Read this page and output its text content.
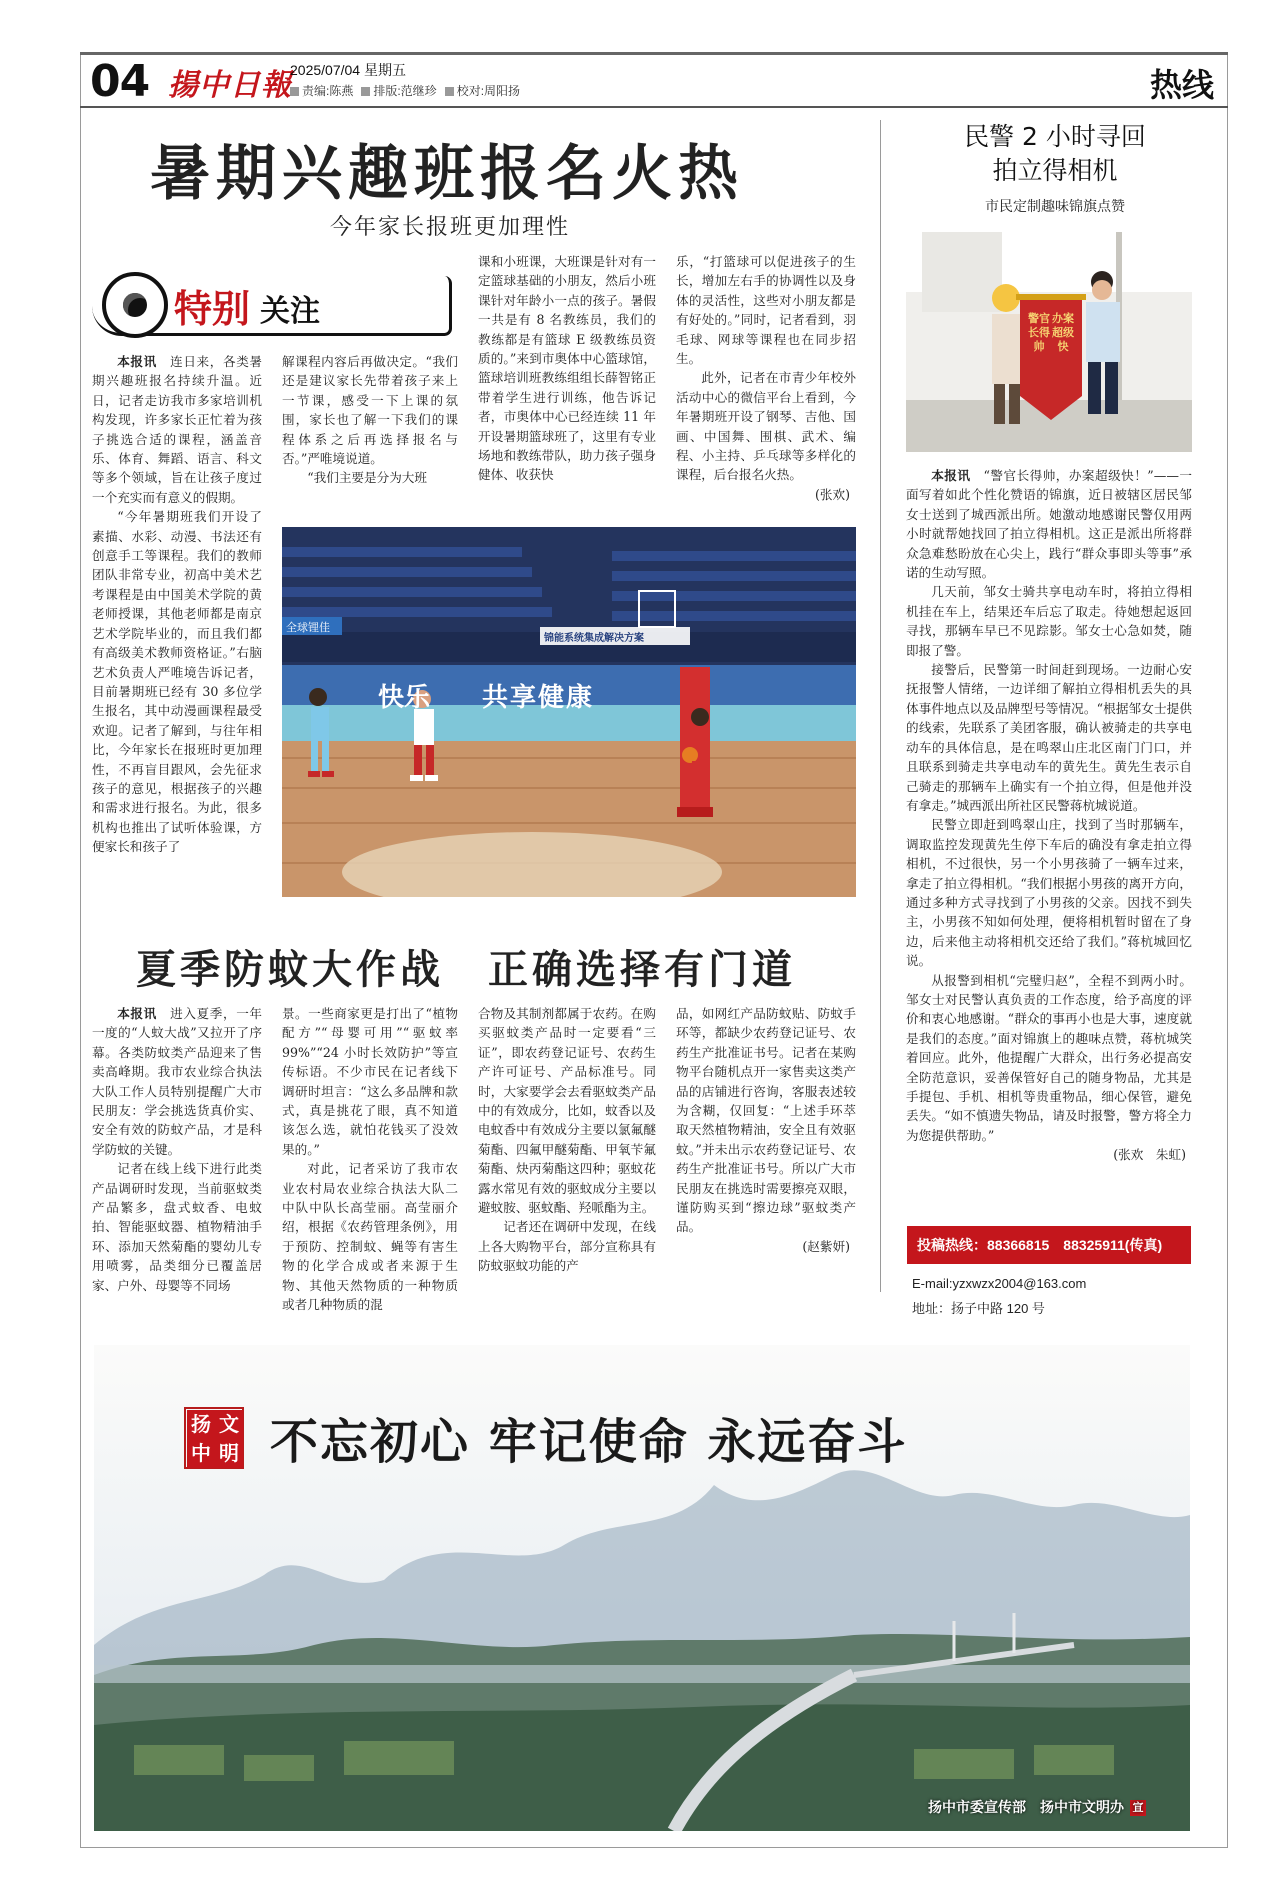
04 揚中日報
2025/07/04 星期五
责编:陈燕	排版:范继珍	校对:周阳扬	热线
暑期兴趣班报名火热
今年家长报班更加理性
特别 关注

本报讯　 连日来，各类暑期兴趣班报名持续升温。近日，记者走访我市多家培训机构发现，许多家长正忙着为孩子挑选合适的课程，涵盖音乐、体育、舞蹈、语言、科文等多个领域，旨在让孩子度过一个充实而有意义的假期。

“今年暑期班我们开设了素描、水彩、动漫、书法还有创意手工等课程。我们的教师团队非常专业，初高中美术艺考课程是由中国美术学院的黄老师授课，其他老师都是南京艺术学院毕业的，而且我们都有高级美术教师资格证。”右脑艺术负责人严唯境告诉记者，目前暑期班已经有 30 多位学生报名，其中动漫画课程最受欢迎。记者了解到，与往年相比，今年家长在报班时更加理性，不再盲目跟风，会先征求孩子的意见，根据孩子的兴趣和需求进行报名。为此，很多机构也推出了试听体验课，方便家长和孩子了

解课程内容后再做决定。“我们还是建议家长先带着孩子来上一节课，感受一下上课的氛围，家长也了解一下我们的课程体系之后再选择报名与否。”严唯境说道。

“我们主要是分为大班

课和小班课，大班课是针对有一定篮球基础的小朋友，然后小班课针对年龄小一点的孩子。暑假一共是有 8 名教练员，我们的教练都是有篮球 E 级教练员资质的。”来到市奥体中心篮球馆，篮球培训班教练组组长薛智铭正带着学生进行训练，他告诉记者，市奥体中心已经连续 11 年开设暑期篮球班了，这里有专业场地和教练带队，助力孩子强身健体、收获快

乐，“打篮球可以促进孩子的生长，增加左右手的协调性以及身体的灵活性，这些对小朋友都是有好处的。”同时，记者看到，羽毛球、网球等课程也在同步招生。

此外，记者在市青少年校外活动中心的微信平台上看到，今年暑期班开设了钢琴、吉他、国画、中国舞、围棋、武术、编程、小主持、乒乓球等多样化的课程，后台报名火热。

(张欢)

全球锂佳
锦能系统集成解决方案
共享健康
快乐
夏季防蚊大作战　正确选择有门道

本报讯　 进入夏季，一年一度的“人蚊大战”又拉开了序幕。各类防蚊类产品迎来了售卖高峰期。我市农业综合执法大队工作人员特别提醒广大市民朋友：学会挑选货真价实、安全有效的防蚊产品，才是科学防蚊的关键。

记者在线上线下进行此类产品调研时发现，当前驱蚊类产品繁多，盘式蚊香、电蚊拍、智能驱蚊器、植物精油手环、添加天然菊酯的婴幼儿专用喷雾，品类细分已覆盖居家、户外、母婴等不同场

景。一些商家更是打出了“植物配方”“母婴可用”“驱蚊率 99%”“24 小时长效防护”等宣传标语。不少市民在记者线下调研时坦言：“这么多品牌和款式，真是挑花了眼，真不知道该怎么选，就怕花钱买了没效果的。”

对此，记者采访了我市农业农村局农业综合执法大队二中队中队长高莹丽。高莹丽介绍，根据《农药管理条例》，用于预防、控制蚊、蝇等有害生物的化学合成或者来源于生物、其他天然物质的一种物质或者几种物质的混

合物及其制剂都属于农药。在购买驱蚊类产品时一定要看“三证”，即农药登记证号、农药生产许可证号、产品标准号。同时，大家要学会去看驱蚊类产品中的有效成分，比如，蚊香以及电蚊香中有效成分主要以氯氟醚菊酯、四氟甲醚菊酯、甲氧苄氟菊酯、炔丙菊酯这四种；驱蚊花露水常见有效的驱蚊成分主要以避蚊胺、驱蚊酯、羟哌酯为主。

记者还在调研中发现，在线上各大购物平台，部分宣称具有防蚊驱蚊功能的产

品，如网红产品防蚊贴、防蚊手环等，都缺少农药登记证号、农药生产批准证书号。记者在某购物平台随机点开一家售卖这类产品的店铺进行咨询，客服表述较为含糊，仅回复：“上述手环萃取天然植物精油，安全且有效驱蚊。”并未出示农药登记证号、农药生产批准证书号。所以广大市民朋友在挑选时需要擦亮双眼，谨防购买到“擦边球”驱蚊类产品。

(赵紫妍)

民警 2 小时寻回
拍立得相机
市民定制趣味锦旗点赞
警官长得帅
办案超级快

本报讯　 “警官长得帅，办案超级快！”——一面写着如此个性化赞语的锦旗，近日被辖区居民邹女士送到了城西派出所。她激动地感谢民警仅用两小时就帮她找回了拍立得相机。这正是派出所将群众急难愁盼放在心尖上，践行“群众事即头等事”承诺的生动写照。

几天前，邹女士骑共享电动车时，将拍立得相机挂在车上，结果还车后忘了取走。待她想起返回寻找，那辆车早已不见踪影。邹女士心急如焚，随即报了警。

接警后，民警第一时间赶到现场。一边耐心安抚报警人情绪，一边详细了解拍立得相机丢失的具体事件地点以及品牌型号等情况。“根据邹女士提供的线索，先联系了美团客服，确认被骑走的共享电动车的具体信息，是在鸣翠山庄北区南门门口，并且联系到骑走共享电动车的黄先生。黄先生表示自己骑走的那辆车上确实有一个拍立得，但是他并没有拿走。”城西派出所社区民警蒋杭城说道。

民警立即赶到鸣翠山庄，找到了当时那辆车，调取监控发现黄先生停下车后的确没有拿走拍立得相机，不过很快，另一个小男孩骑了一辆车过来，拿走了拍立得相机。“我们根据小男孩的离开方向，通过多种方式寻找到了小男孩的父亲。因找不到失主，小男孩不知如何处理，便将相机暂时留在了身边，后来他主动将相机交还给了我们。”蒋杭城回忆说。

从报警到相机“完璧归赵”，全程不到两小时。邹女士对民警认真负责的工作态度，给予高度的评价和衷心地感谢。“群众的事再小也是大事，速度就是我们的态度。”面对锦旗上的趣味点赞，蒋杭城笑着回应。此外，他提醒广大群众，出行务必提高安全防范意识，妥善保管好自己的随身物品，尤其是手提包、手机、相机等贵重物品，细心保管，避免丢失。“如不慎遗失物品，请及时报警，警方将全力为您提供帮助。”

(张欢　朱虹)

投稿热线：88366815　88325911(传真)
E-mail:yzxwzx2004@163.com
地址：扬子中路 120 号
扬 文
中 明 不忘初心 牢记使命 永远奋斗
扬中市委宣传部　扬中市文明办 宣
